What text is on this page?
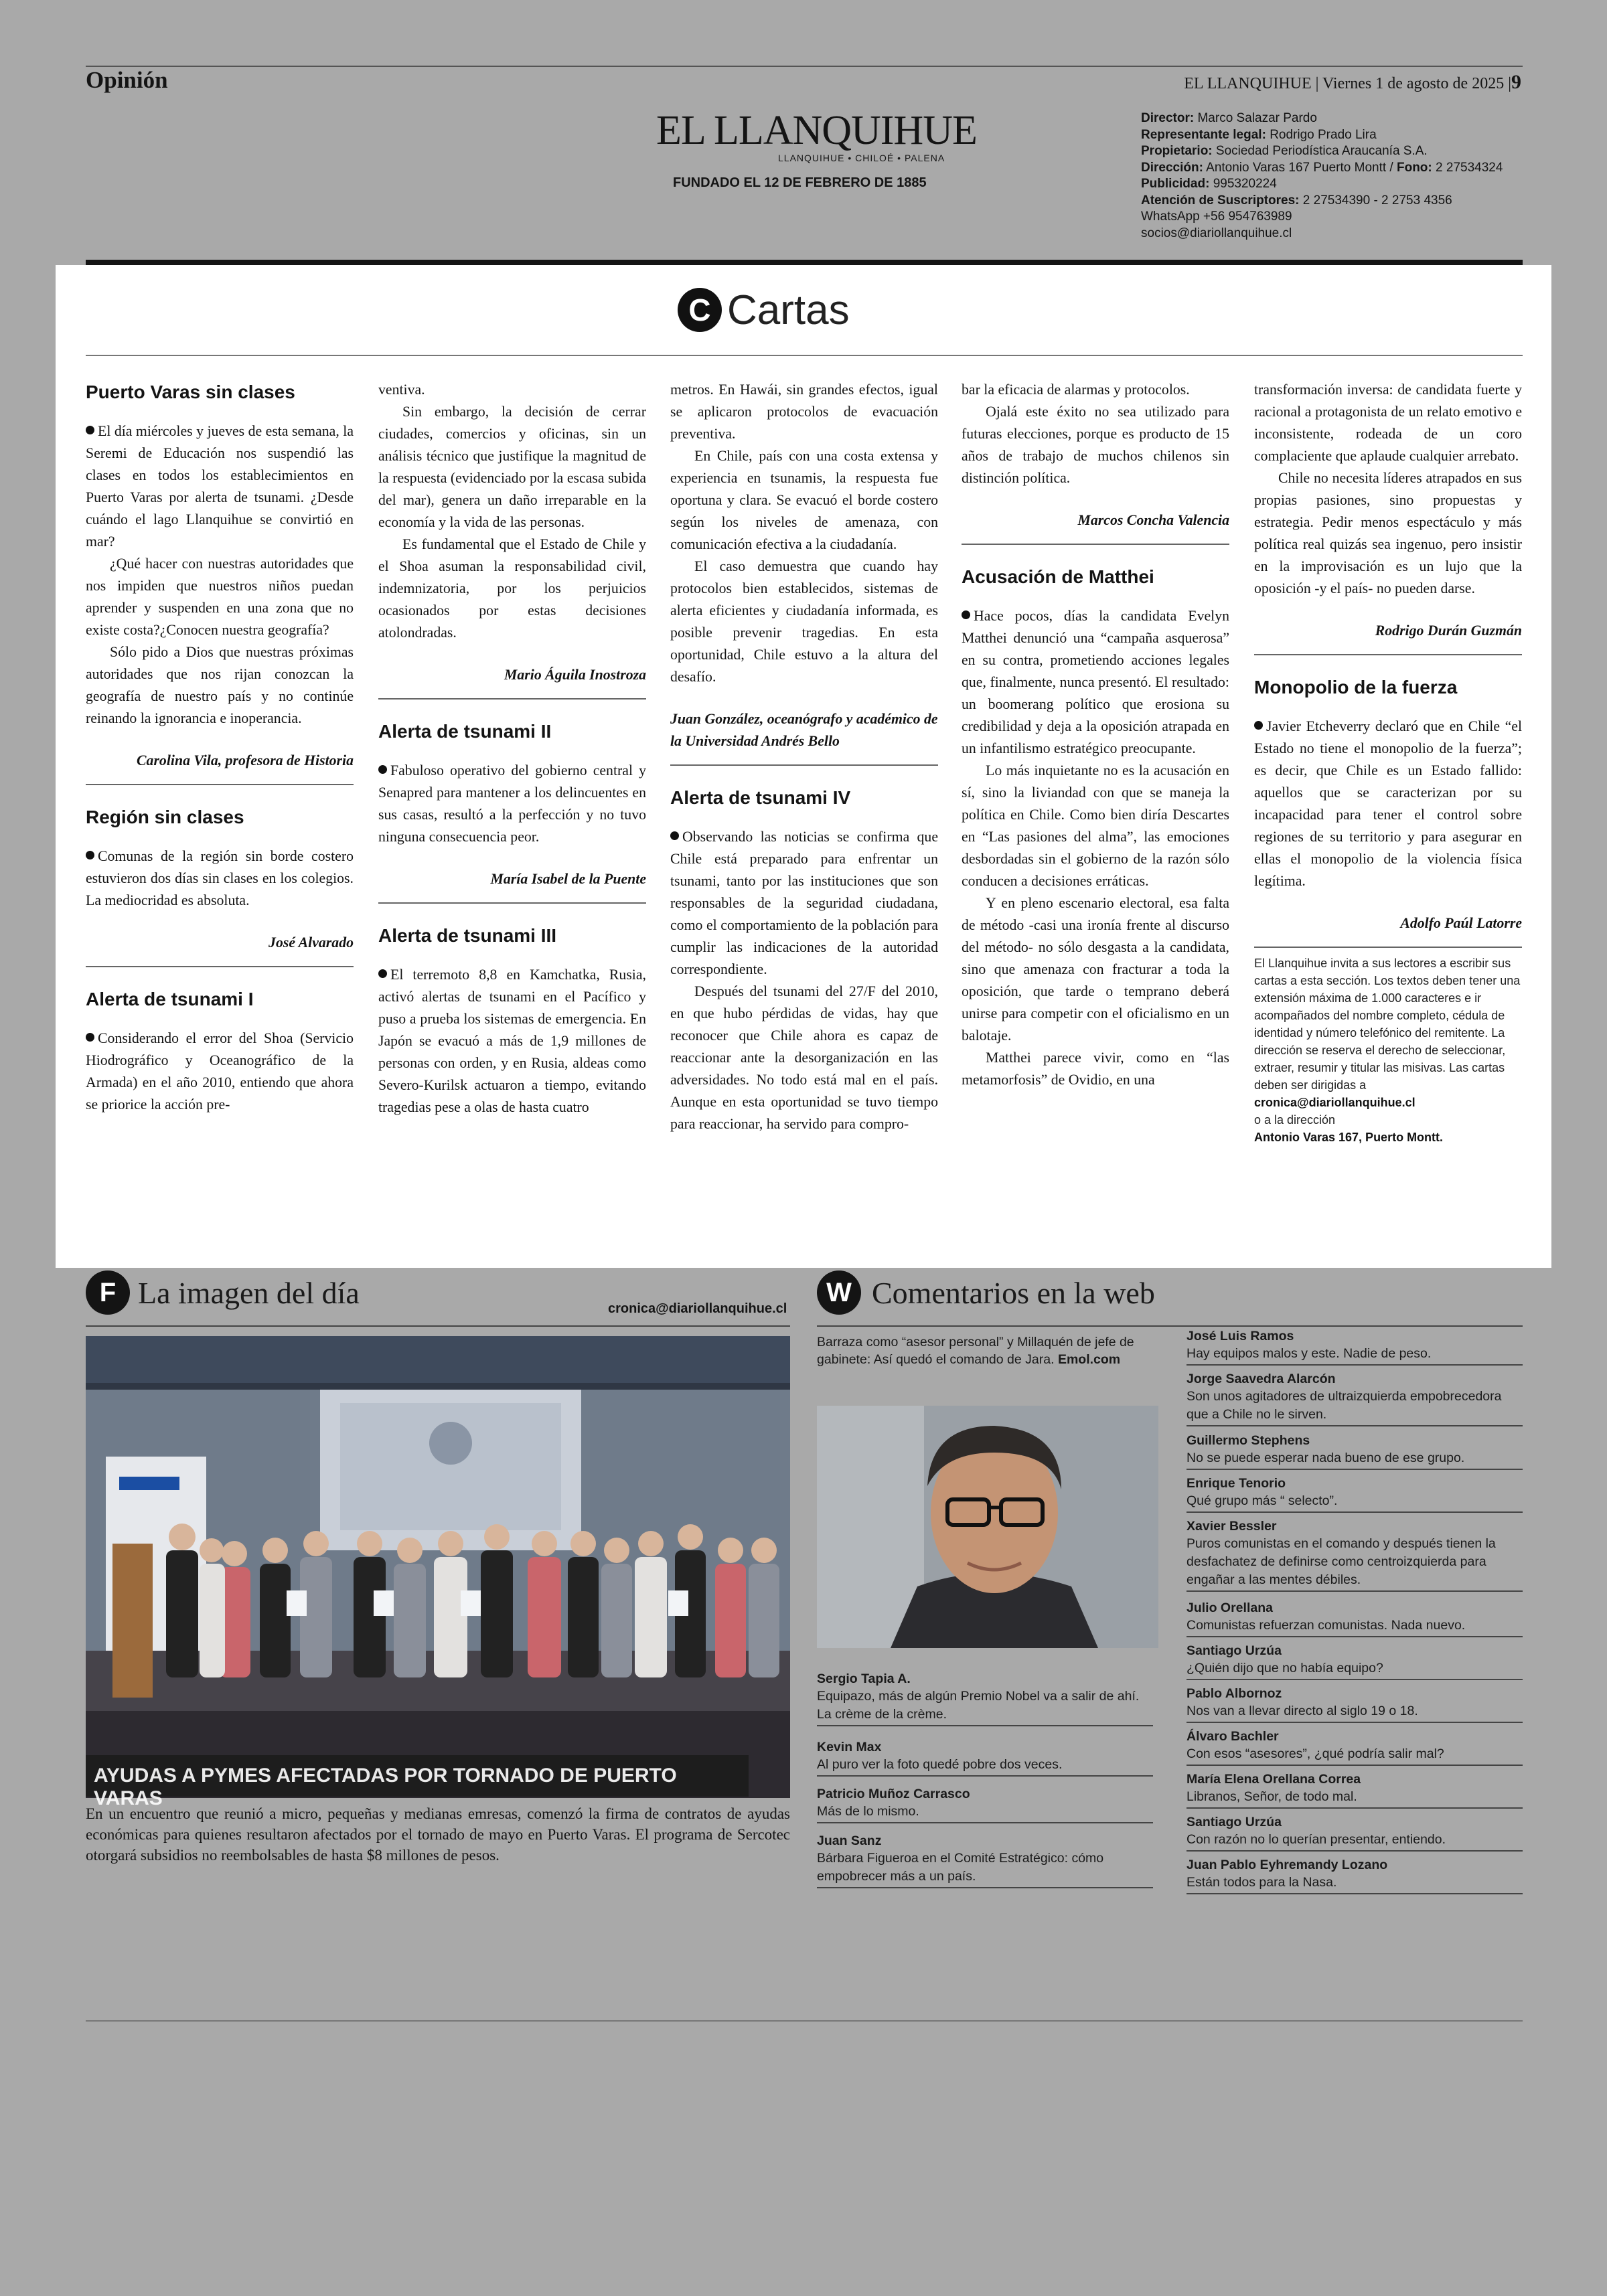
Opinión	EL LLANQUIHUE | Viernes 1 de agosto de 2025 |9
EL LLANQUIHUE
LLANQUIHUE • CHILOÉ • PALENA
FUNDADO EL 12 DE FEBRERO DE 1885
Director: Marco Salazar Pardo
Representante legal: Rodrigo Prado Lira
Propietario: Sociedad Periodística Araucanía S.A.
Dirección: Antonio Varas 167 Puerto Montt / Fono: 2 27534324
Publicidad: 995320224
Atención de Suscriptores: 2 27534390 - 2 2753 4356
WhatsApp +56 954763989
socios@diariollanquihue.cl
C Cartas
Puerto Varas sin clases

El día miércoles y jueves de esta semana, la Seremi de Educación nos suspendió las clases en todos los establecimientos en Puerto Varas por alerta de tsunami. ¿Desde cuándo el lago Llanquihue se convirtió en mar?

¿Qué hacer con nuestras autoridades que nos impiden que nuestros niños puedan aprender y suspenden en una zona que no existe costa?¿Conocen nuestra geografía?

Sólo pido a Dios que nuestras próximas autoridades que nos rijan conozcan la geografía de nuestro país y no continúe reinando la ignorancia e inoperancia.

Carolina Vila, profesora de Historia

Región sin clases

Comunas de la región sin borde costero estuvieron dos días sin clases en los colegios. La mediocridad es absoluta.

José Alvarado

Alerta de tsunami I

Considerando el error del Shoa (Servicio Hiodrográfico y Oceanográfico de la Armada) en el año 2010, entiendo que ahora se priorice la acción pre-

ventiva.

Sin embargo, la decisión de cerrar ciudades, comercios y oficinas, sin un análisis técnico que justifique la magnitud de la respuesta (evidenciado por la escasa subida del mar), genera un daño irreparable en la economía y la vida de las personas.

Es fundamental que el Estado de Chile y el Shoa asuman la responsabilidad civil, indemnizatoria, por los perjuicios ocasionados por estas decisiones atolondradas.

Mario Águila Inostroza

Alerta de tsunami II

Fabuloso operativo del gobierno central y Senapred para mantener a los delincuentes en sus casas, resultó a la perfección y no tuvo ninguna consecuencia peor.

María Isabel de la Puente

Alerta de tsunami III

El terremoto 8,8 en Kamchatka, Rusia, activó alertas de tsunami en el Pacífico y puso a prueba los sistemas de emergencia. En Japón se evacuó a más de 1,9 millones de personas con orden, y en Rusia, aldeas como Severo-Kurilsk actuaron a tiempo, evitando tragedias pese a olas de hasta cuatro

metros. En Hawái, sin grandes efectos, igual se aplicaron protocolos de evacuación preventiva.

En Chile, país con una costa extensa y experiencia en tsunamis, la respuesta fue oportuna y clara. Se evacuó el borde costero según los niveles de amenaza, con comunicación efectiva a la ciudadanía.

El caso demuestra que cuando hay protocolos bien establecidos, sistemas de alerta eficientes y ciudadanía informada, es posible prevenir tragedias. En esta oportunidad, Chile estuvo a la altura del desafío.

Juan González, oceanógrafo y académico de la Universidad Andrés Bello

Alerta de tsunami IV

Observando las noticias se confirma que Chile está preparado para enfrentar un tsunami, tanto por las instituciones que son responsables de la seguridad ciudadana, como el comportamiento de la población para cumplir las indicaciones de la autoridad correspondiente.

Después del tsunami del 27/F del 2010, en que hubo pérdidas de vidas, hay que reconocer que Chile ahora es capaz de reaccionar ante la desorganización en las adversidades. No todo está mal en el país. Aunque en esta oportunidad se tuvo tiempo para reaccionar, ha servido para compro-

bar la eficacia de alarmas y protocolos.

Ojalá este éxito no sea utilizado para futuras elecciones, porque es producto de 15 años de trabajo de muchos chilenos sin distinción política.

Marcos Concha Valencia

Acusación de Matthei

Hace pocos, días la candidata Evelyn Matthei denunció una “campaña asquerosa” en su contra, prometiendo acciones legales que, finalmente, nunca presentó. El resultado: un boomerang político que erosiona su credibilidad y deja a la oposición atrapada en un infantilismo estratégico preocupante.

Lo más inquietante no es la acusación en sí, sino la liviandad con que se maneja la política en Chile. Como bien diría Descartes en “Las pasiones del alma”, las emociones desbordadas sin el gobierno de la razón sólo conducen a decisiones erráticas.

Y en pleno escenario electoral, esa falta de método -casi una ironía frente al discurso del método- no sólo desgasta a la candidata, sino que amenaza con fracturar a toda la oposición, que tarde o temprano deberá unirse para competir con el oficialismo en un balotaje.

Matthei parece vivir, como en “las metamorfosis” de Ovidio, en una

transformación inversa: de candidata fuerte y racional a protagonista de un relato emotivo e inconsistente, rodeada de un coro complaciente que aplaude cualquier arrebato.

Chile no necesita líderes atrapados en sus propias pasiones, sino propuestas y estrategia. Pedir menos espectáculo y más política real quizás sea ingenuo, pero insistir en la improvisación es un lujo que la oposición -y el país- no pueden darse.

Rodrigo Durán Guzmán

Monopolio de la fuerza

Javier Etcheverry declaró que en Chile “el Estado no tiene el monopolio de la fuerza”; es decir, que Chile es un Estado fallido: aquellos que se caracterizan por su incapacidad para tener el control sobre regiones de su territorio y para asegurar en ellas el monopolio de la violencia física legítima.

Adolfo Paúl Latorre

El Llanquihue invita a sus lectores a escribir sus cartas a esta sección. Los textos deben tener una extensión máxima de 1.000 caracteres e ir acompañados del nombre completo, cédula de identidad y número telefónico del remitente. La dirección se reserva el derecho de seleccionar, extraer, resumir y titular las misivas. Las cartas deben ser dirigidas a
cronica@diariollanquihue.cl
o a la dirección
Antonio Varas 167, Puerto Montt.
F La imagen del día	cronica@diariollanquihue.cl
AYUDAS A PYMES AFECTADAS POR TORNADO DE PUERTO VARAS
En un encuentro que reunió a micro, pequeñas y medianas emresas, comenzó la firma de contratos de ayudas económicas para quienes resultaron afectados por el tornado de mayo en Puerto Varas. El programa de Sercotec otorgará subsidios no reembolsables de hasta $8 millones de pesos.
W Comentarios en la web
Barraza como “asesor personal” y Millaquén de jefe de gabinete: Así quedó el comando de Jara. Emol.com
Sergio Tapia A.
Equipazo, más de algún Premio Nobel va a salir de ahí. La crème de la crème.
Kevin Max
Al puro ver la foto quedé pobre dos veces.
Patricio Muñoz Carrasco
Más de lo mismo.
Juan Sanz
Bárbara Figueroa en el Comité Estratégico: cómo empobrecer más a un país.
José Luis Ramos
Hay equipos malos y este. Nadie de peso.
Jorge Saavedra Alarcón
Son unos agitadores de ultraizquierda empobrecedora que a Chile no le sirven.
Guillermo Stephens
No se puede esperar nada bueno de ese grupo.
Enrique Tenorio
Qué grupo más “ selecto”.
Xavier Bessler
Puros comunistas en el comando y después tienen la desfachatez de definirse como centroizquierda para engañar a las mentes débiles.
Julio Orellana
Comunistas refuerzan comunistas. Nada nuevo.
Santiago Urzúa
¿Quién dijo que no había equipo?
Pablo Albornoz
Nos van a llevar directo al siglo 19 o 18.
Álvaro Bachler
Con esos “asesores”, ¿qué podría salir mal?
María Elena Orellana Correa
Libranos, Señor, de todo mal.
Santiago Urzúa
Con razón no lo querían presentar, entiendo.
Juan Pablo Eyhremandy Lozano
Están todos para la Nasa.
